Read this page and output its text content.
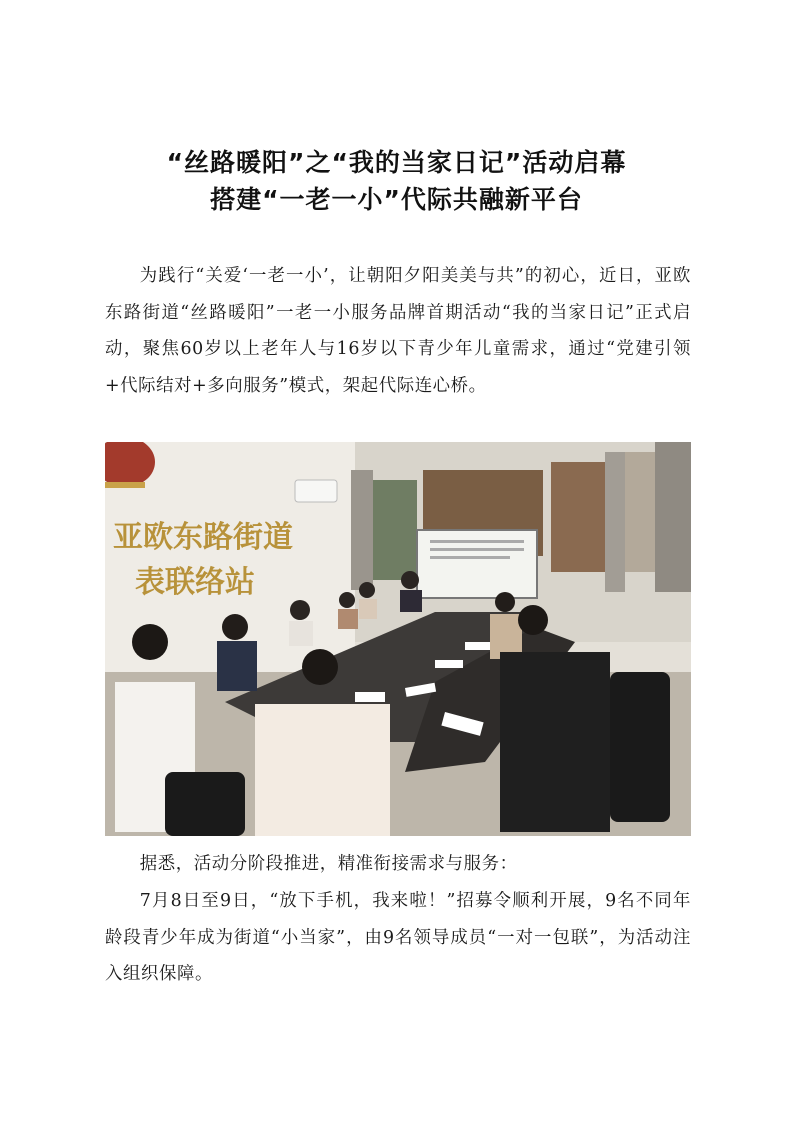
“丝路暖阳”之“我的当家日记”活动启幕
搭建“一老一小”代际共融新平台

为践行“关爱‘一老一小’，让朝阳夕阳美美与共”的初心，近日，亚欧东路街道“丝路暖阳”一老一小服务品牌首期活动“我的当家日记”正式启动，聚焦60岁以上老年人与16岁以下青少年儿童需求，通过“党建引领+代际结对+多向服务”模式，架起代际连心桥。

亚欧东路街道
表联络站

据悉，活动分阶段推进，精准衔接需求与服务：

7月8日至9日，“放下手机，我来啦！”招募令顺利开展，9名不同年龄段青少年成为街道“小当家”，由9名领导成员“一对一包联”，为活动注入组织保障。
